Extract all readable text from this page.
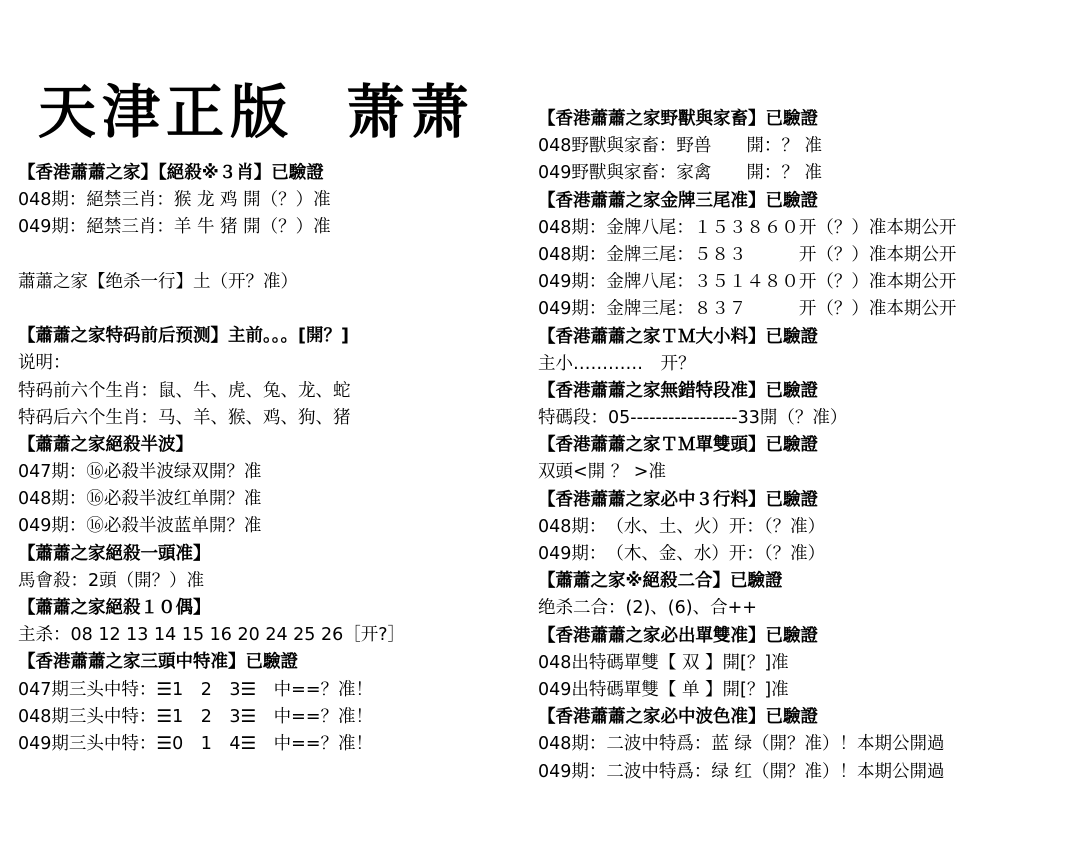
天津正版  萧萧
【香港蕭蕭之家】【絕殺※３肖】已驗證
048期：絕禁三肖：猴 龙 鸡 開（？）准
049期：絕禁三肖：羊 牛 猪 開（？）准
蕭蕭之家【绝杀一行】土（开？准）
【蕭蕭之家特码前后预测】主前。。。[開？]
说明：
特码前六个生肖：鼠、牛、虎、兔、龙、蛇
特码后六个生肖：马、羊、猴、鸡、狗、猪
【蕭蕭之家絕殺半波】
047期：⑯必殺半波绿双開？准
048期：⑯必殺半波红单開？准
049期：⑯必殺半波蓝单開？准
【蕭蕭之家絕殺一頭准】
馬會殺：2頭（開？）准
【蕭蕭之家絕殺１０偶】
主杀：08 12 13 14 15 16 20 24 25 26［开?］
【香港蕭蕭之家三頭中特准】已驗證
047期三头中特：☰1　2　3☰　中==？准！
048期三头中特：☰1　2　3☰　中==？准！
049期三头中特：☰0　1　4☰　中==？准！
【香港蕭蕭之家野獸與家畜】已驗證
048野獸與家畜：野兽　　開：？ 准
049野獸與家畜：家禽　　開：？ 准
【香港蕭蕭之家金牌三尾准】已驗證
048期：金牌八尾：１５３８６０开（？）准本期公开
048期：金牌三尾：５８３　　　开（？）准本期公开
049期：金牌八尾：３５１４８０开（？）准本期公开
049期：金牌三尾：８３７　　　开（？）准本期公开
【香港蕭蕭之家ＴＭ大小料】已驗證
主小…………　开？
【香港蕭蕭之家無錯特段准】已驗證
特碼段：05-----------------33開（？准）
【香港蕭蕭之家ＴＭ單雙頭】已驗證
双頭<開 ？ >准
【香港蕭蕭之家必中３行料】已驗證
048期：　（水、土、火）开：（？准）
049期：　（木、金、水）开：（？准）
【蕭蕭之家※絕殺二合】已驗證
绝杀二合：(2)、(6)、合++
【香港蕭蕭之家必出單雙准】已驗證
048出特碼單雙【 双 】開[？]准
049出特碼單雙【 单 】開[？]准
【香港蕭蕭之家必中波色准】已驗證
048期：二波中特爲：蓝 绿（開？准）！本期公開過
049期：二波中特爲：绿 红（開？准）！本期公開過
